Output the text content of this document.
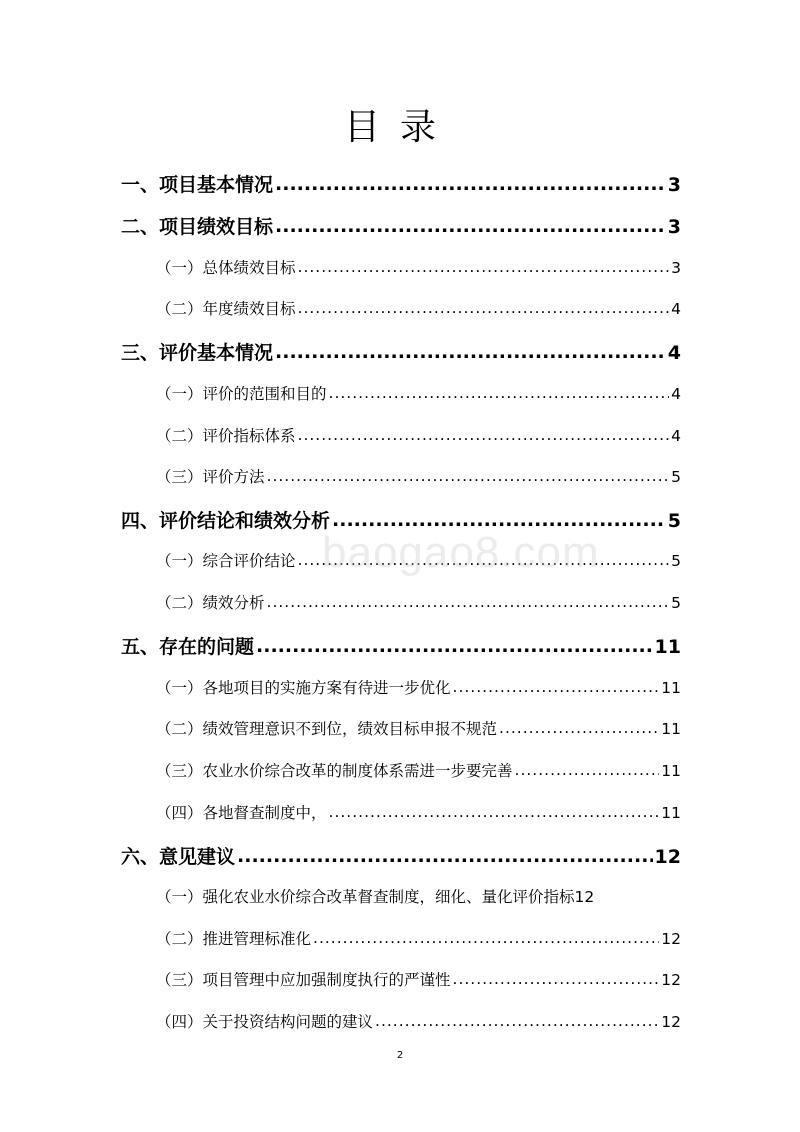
目录
一、项目基本情况 .....	3
二、项目绩效目标 .....	3
（一）总体绩效目标 .....	3
（二）年度绩效目标 .....	4
三、评价基本情况 .....	4
（一）评价的范围和目的 .....	4
（二）评价指标体系 .....	4
（三）评价方法 .....	5
四、评价结论和绩效分析 .....	5
（一）综合评价结论 .....	5
（二）绩效分析 .....	5
五、存在的问题 .....	11
（一）各地项目的实施方案有待进一步优化 .....	11
（二）绩效管理意识不到位，绩效目标申报不规范 .....	11
（三）农业水价综合改革的制度体系需进一步要完善 .....	11
（四）各地督查制度中， .....	11
六、意见建议 .....	12
（一）强化农业水价综合改革督查制度，细化、量化评价指标 12
（二）推进管理标准化 .....	12
（三）项目管理中应加强制度执行的严谨性 .....	12
（四）关于投资结构问题的建议 .....	12
baogao8.com
2
